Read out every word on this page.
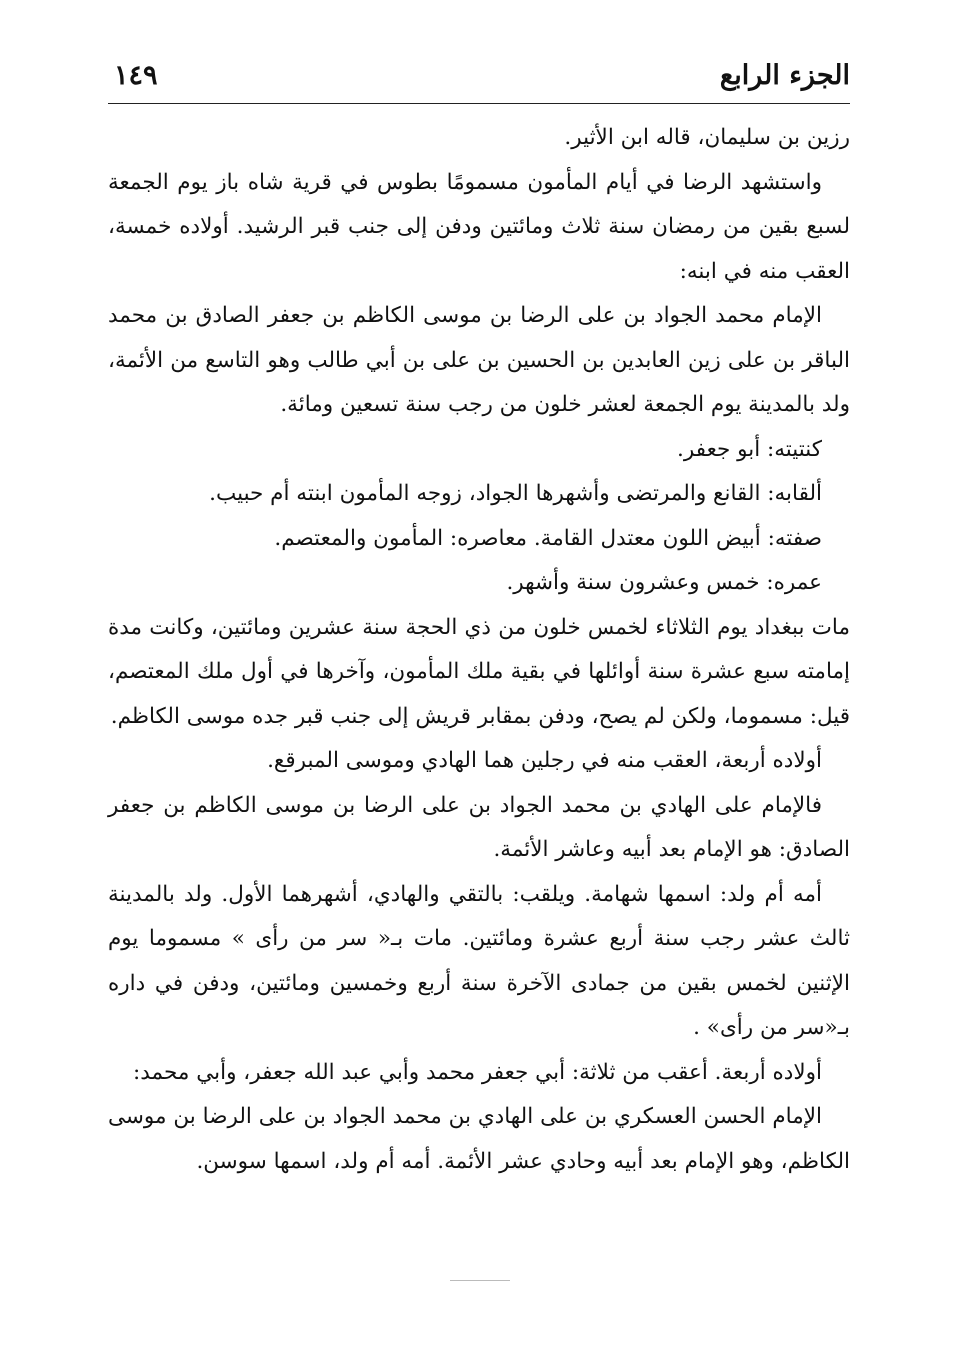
الجزء الرابع
١٤٩

رزين بن سليمان، قاله ابن الأثير.

واستشهد الرضا في أيام المأمون مسمومًا بطوس في قرية شاه باز يوم الجمعة لسبع بقين من رمضان سنة ثلاث ومائتين ودفن إلى جنب قبر الرشيد. أولاده خمسة، العقب منه في ابنه:

الإمام محمد الجواد بن على الرضا بن موسى الكاظم بن جعفر الصادق بن محمد الباقر بن على زين العابدين بن الحسين بن على بن أبي طالب وهو التاسع من الأئمة، ولد بالمدينة يوم الجمعة لعشر خلون من رجب سنة تسعين ومائة.

كنتيته: أبو جعفر.

ألقابه: القانع والمرتضى وأشهرها الجواد، زوجه المأمون ابنته أم حبيب.

صفته: أبيض اللون معتدل القامة. معاصره: المأمون والمعتصم.

عمره: خمس وعشرون سنة وأشهر.

مات ببغداد يوم الثلاثاء لخمس خلون من ذي الحجة سنة عشرين ومائتين، وكانت مدة إمامته سبع عشرة سنة أوائلها في بقية ملك المأمون، وآخرها في أول ملك المعتصم، قيل: مسموما، ولكن لم يصح، ودفن بمقابر قريش إلى جنب قبر جده موسى الكاظم.

أولاده أربعة، العقب منه في رجلين هما الهادي وموسى المبرقع.

فالإمام على الهادي بن محمد الجواد بن على الرضا بن موسى الكاظم بن جعفر الصادق: هو الإمام بعد أبيه وعاشر الأئمة.

أمه أم ولد: اسمها شهامة. ويلقب: بالتقي والهادي، أشهرهما الأول. ولد بالمدينة ثالث عشر رجب سنة أربع عشرة ومائتين. مات بـ« سر من رأى » مسموما يوم الإثنين لخمس بقين من جمادى الآخرة سنة أربع وخمسين ومائتين، ودفن في داره بـ«سر من رأى» .

أولاده أربعة. أعقب من ثلاثة: أبي جعفر محمد وأبي عبد الله جعفر، وأبي محمد:

الإمام الحسن العسكري بن على الهادي بن محمد الجواد بن على الرضا بن موسى الكاظم، وهو الإمام بعد أبيه وحادي عشر الأئمة. أمه أم ولد، اسمها سوسن.
